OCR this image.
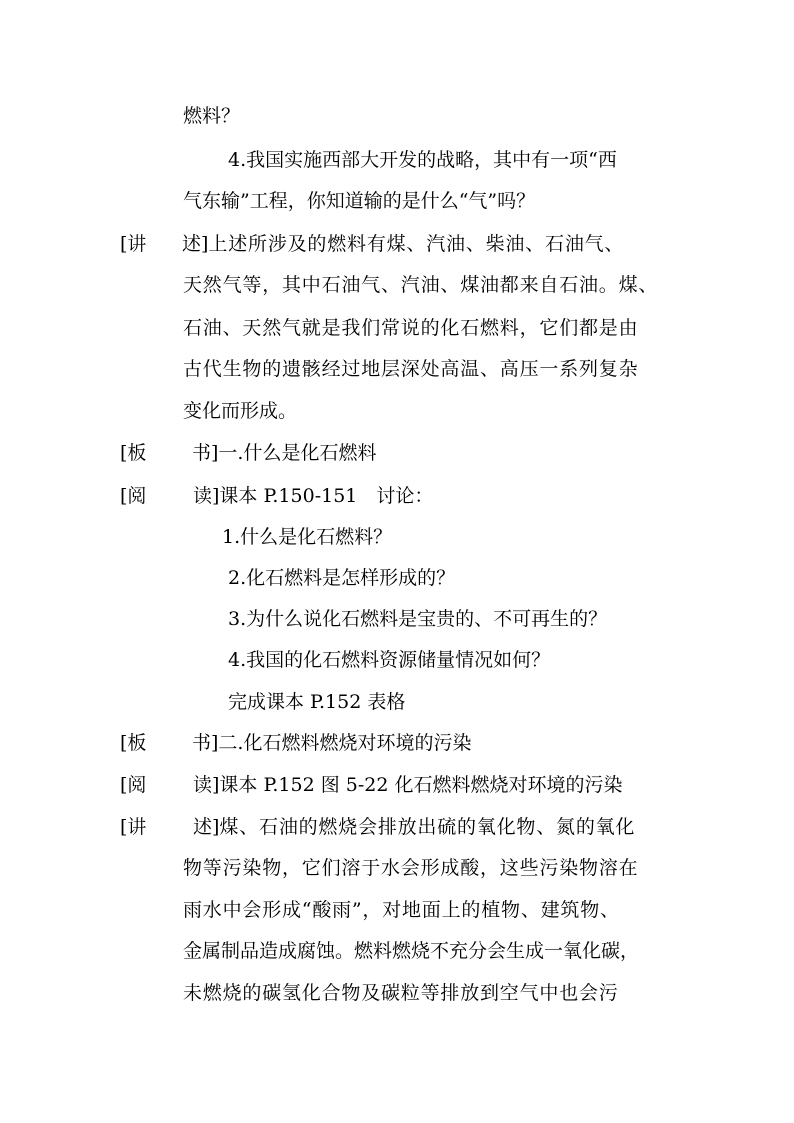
燃料？
4.我国实施西部大开发的战略，其中有一项“西
气东输”工程，你知道输的是什么“气”吗？
[讲 述]上述所涉及的燃料有煤、汽油、柴油、石油气、
天然气等，其中石油气、汽油、煤油都来自石油。煤、
石油、天然气就是我们常说的化石燃料，它们都是由
古代生物的遗骸经过地层深处高温、高压一系列复杂
变化而形成。
[板 书]一.什么是化石燃料
[阅 读]课本 P.150-151　讨论：
1.什么是化石燃料？
2.化石燃料是怎样形成的？
3.为什么说化石燃料是宝贵的、不可再生的？
4.我国的化石燃料资源储量情况如何？
完成课本 P.152 表格
[板 书]二.化石燃料燃烧对环境的污染
[阅 读]课本 P.152 图 5-22 化石燃料燃烧对环境的污染
[讲 述]煤、石油的燃烧会排放出硫的氧化物、氮的氧化
物等污染物，它们溶于水会形成酸，这些污染物溶在
雨水中会形成“酸雨”，对地面上的植物、建筑物、
金属制品造成腐蚀。燃料燃烧不充分会生成一氧化碳，
未燃烧的碳氢化合物及碳粒等排放到空气中也会污
